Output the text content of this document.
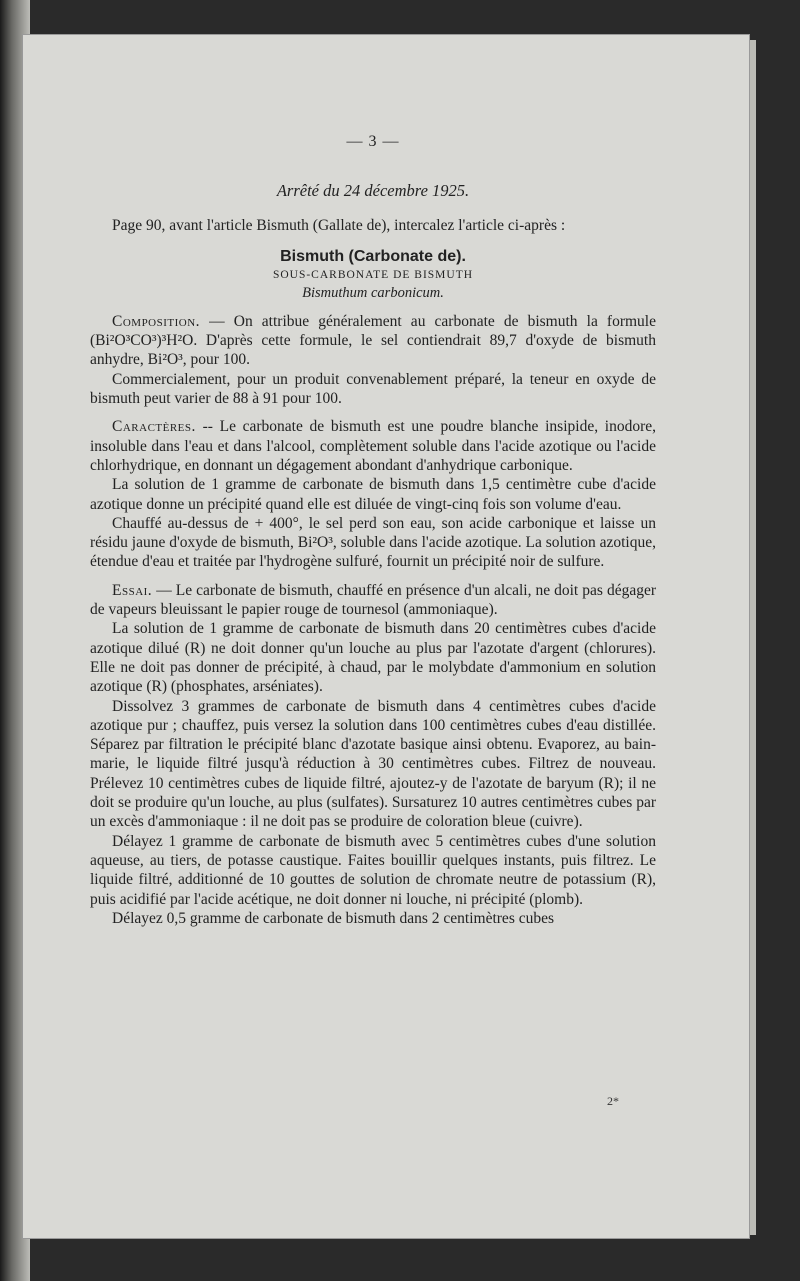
— 3 —
Arrêté du 24 décembre 1925.

Page 90, avant l'article Bismuth (Gallate de), intercalez l'article ci-après :

Bismuth (Carbonate de).
SOUS-CARBONATE DE BISMUTH
Bismuthum carbonicum.

Composition. — On attribue généralement au carbonate de bismuth la formule (Bi²O³CO³)³H²O. D'après cette formule, le sel contiendrait 89,7 d'oxyde de bismuth anhydre, Bi²O³, pour 100.

Commercialement, pour un produit convenablement préparé, la teneur en oxyde de bismuth peut varier de 88 à 91 pour 100.

Caractères. -- Le carbonate de bismuth est une poudre blanche insipide, inodore, insoluble dans l'eau et dans l'alcool, complètement soluble dans l'acide azotique ou l'acide chlorhydrique, en donnant un dégagement abondant d'anhydrique carbonique.

La solution de 1 gramme de carbonate de bismuth dans 1,5 centimètre cube d'acide azotique donne un précipité quand elle est diluée de vingt-cinq fois son volume d'eau.

Chauffé au-dessus de + 400°, le sel perd son eau, son acide carbonique et laisse un résidu jaune d'oxyde de bismuth, Bi²O³, soluble dans l'acide azotique. La solution azotique, étendue d'eau et traitée par l'hydrogène sulfuré, fournit un précipité noir de sulfure.

Essai. — Le carbonate de bismuth, chauffé en présence d'un alcali, ne doit pas dégager de vapeurs bleuissant le papier rouge de tournesol (ammoniaque).

La solution de 1 gramme de carbonate de bismuth dans 20 centimètres cubes d'acide azotique dilué (R) ne doit donner qu'un louche au plus par l'azotate d'argent (chlorures). Elle ne doit pas donner de précipité, à chaud, par le molybdate d'ammonium en solution azotique (R) (phosphates, arséniates).

Dissolvez 3 grammes de carbonate de bismuth dans 4 centimètres cubes d'acide azotique pur ; chauffez, puis versez la solution dans 100 centimètres cubes d'eau distillée. Séparez par filtration le précipité blanc d'azotate basique ainsi obtenu. Evaporez, au bain-marie, le liquide filtré jusqu'à réduction à 30 centimètres cubes. Filtrez de nouveau. Prélevez 10 centimètres cubes de liquide filtré, ajoutez-y de l'azotate de baryum (R); il ne doit se produire qu'un louche, au plus (sulfates). Sursaturez 10 autres centimètres cubes par un excès d'ammoniaque : il ne doit pas se produire de coloration bleue (cuivre).

Délayez 1 gramme de carbonate de bismuth avec 5 centimètres cubes d'une solution aqueuse, au tiers, de potasse caustique. Faites bouillir quelques instants, puis filtrez. Le liquide filtré, additionné de 10 gouttes de solution de chromate neutre de potassium (R), puis acidifié par l'acide acétique, ne doit donner ni louche, ni précipité (plomb).

Délayez 0,5 gramme de carbonate de bismuth dans 2 centimètres cubes

2*
